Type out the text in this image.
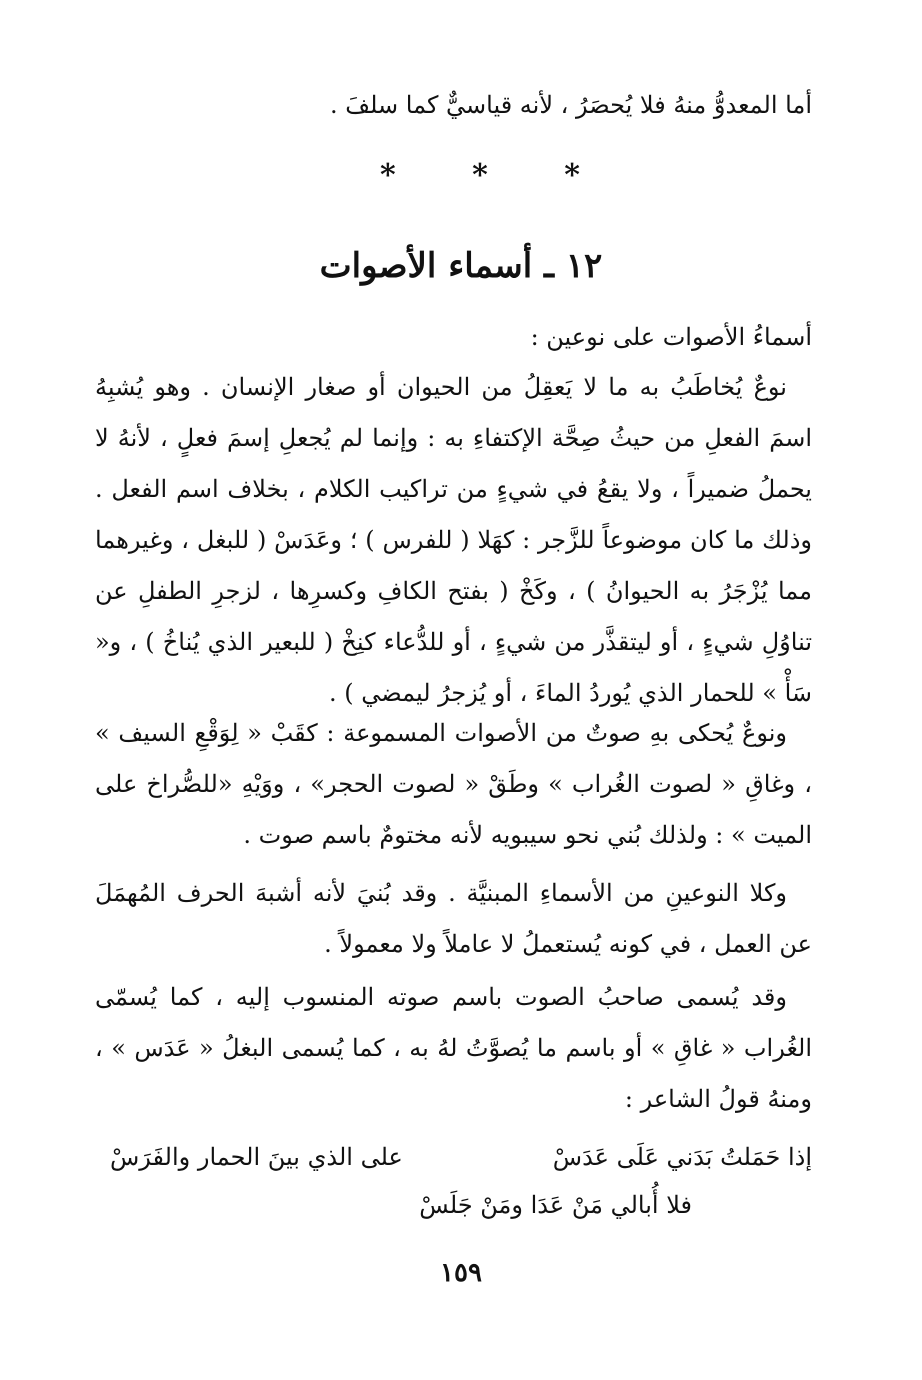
أما المعدوُّ منهُ فلا يُحصَرُ ، لأنه قياسيٌّ كما سلفَ .

*	*	*
١٢ ـ أسماء الأصوات

أسماءُ الأصوات على نوعين :

نوعٌ يُخاطَبُ به ما لا يَعقِلُ من الحيوان أو صغار الإنسان . وهو يُشبِهُ اسمَ الفعلِ من حيثُ صِحَّة الإكتفاءِ به : وإنما لم يُجعلِ إسمَ فعلٍ ، لأنهُ لا يحملُ ضميراً ، ولا يقعُ في شيءٍ من تراكيب الكلام ، بخلاف اسم الفعل . وذلك ما كان موضوعاً للزَّجر : كهَلا ( للفرس ) ؛ وعَدَسْ ( للبغل ، وغيرهما مما يُزْجَرُ به الحيوانُ ) ، وكَخْ ( بفتح الكافِ وكسرِها ، لزجرِ الطفلِ عن تناوُلِ شيءٍ ، أو ليتقذَّر من شيءٍ ، أو للدُّعاء كنِخْ ( للبعير الذي يُناخُ ) ، و« سَأْ » للحمار الذي يُوردُ الماءَ ، أو يُزجرُ ليمضي ) .

ونوعٌ يُحكى بهِ صوتٌ من الأصوات المسموعة : كقَبْ « لِوَقْعِ السيف » ، وغاقِ « لصوت الغُراب » وطَقْ « لصوت الحجر» ، ووَيْهِ «للصُّراخ على الميت » : ولذلك بُني نحو سيبويه لأنه مختومٌ باسم صوت .

وكلا النوعينِ من الأسماءِ المبنيَّة . وقد بُنيَ لأنه أشبهَ الحرف المُهمَلَ عن العمل ، في كونه يُستعملُ لا عاملاً ولا معمولاً .

وقد يُسمى صاحبُ الصوت باسم صوته المنسوب إليه ، كما يُسمّى الغُراب « غاقِ » أو باسم ما يُصوَّتُ لهُ به ، كما يُسمى البغلُ « عَدَس » ، ومنهُ قولُ الشاعر :

إذا حَمَلتُ بَدَني عَلَى عَدَسْ
على الذي بينَ الحمار والفَرَسْ
فلا أُبالي مَنْ عَدَا ومَنْ جَلَسْ
١٥٩
